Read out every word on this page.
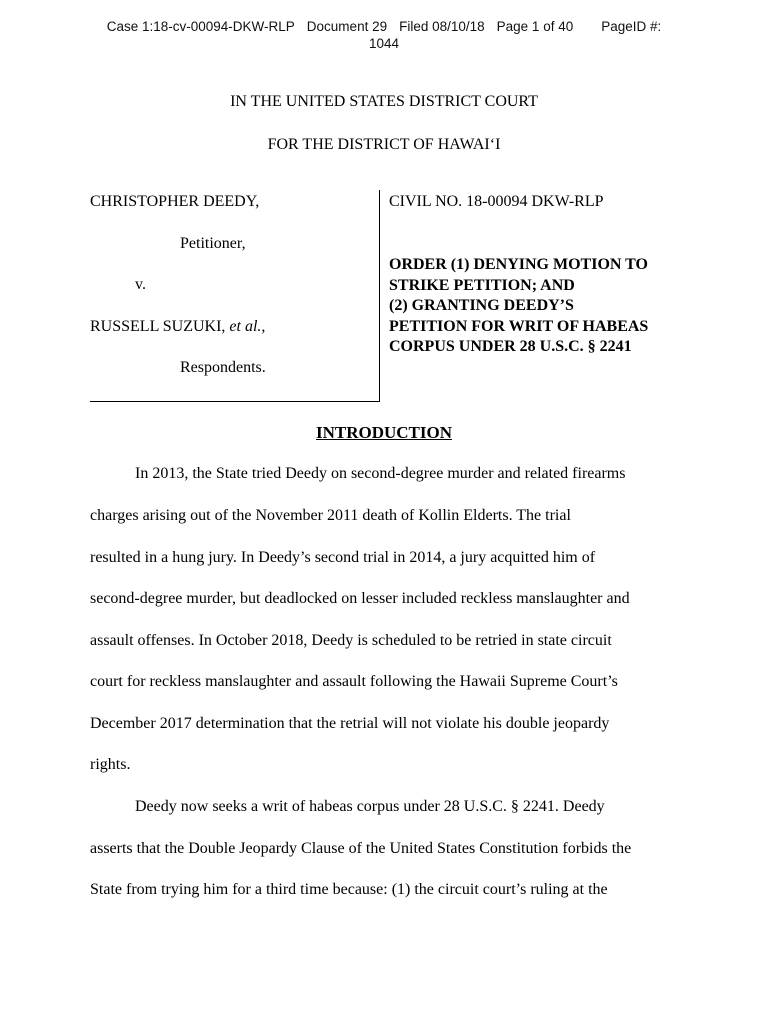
Case 1:18-cv-00094-DKW-RLP Document 29 Filed 08/10/18 Page 1 of 40 PageID #:
1044
IN THE UNITED STATES DISTRICT COURT
FOR THE DISTRICT OF HAWAI‘I
CHRISTOPHER DEEDY,
Petitioner,
v.
RUSSELL SUZUKI, et al.,
Respondents.
CIVIL NO. 18-00094 DKW-RLP
ORDER (1) DENYING MOTION TO
STRIKE PETITION; AND
(2) GRANTING DEEDY’S
PETITION FOR WRIT OF HABEAS
CORPUS UNDER 28 U.S.C. § 2241
INTRODUCTION
In 2013, the State tried Deedy on second-degree murder and related firearms
charges arising out of the November 2011 death of Kollin Elderts. The trial
resulted in a hung jury. In Deedy’s second trial in 2014, a jury acquitted him of
second-degree murder, but deadlocked on lesser included reckless manslaughter and
assault offenses. In October 2018, Deedy is scheduled to be retried in state circuit
court for reckless manslaughter and assault following the Hawaii Supreme Court’s
December 2017 determination that the retrial will not violate his double jeopardy
rights.
Deedy now seeks a writ of habeas corpus under 28 U.S.C. § 2241. Deedy
asserts that the Double Jeopardy Clause of the United States Constitution forbids the
State from trying him for a third time because: (1) the circuit court’s ruling at the
